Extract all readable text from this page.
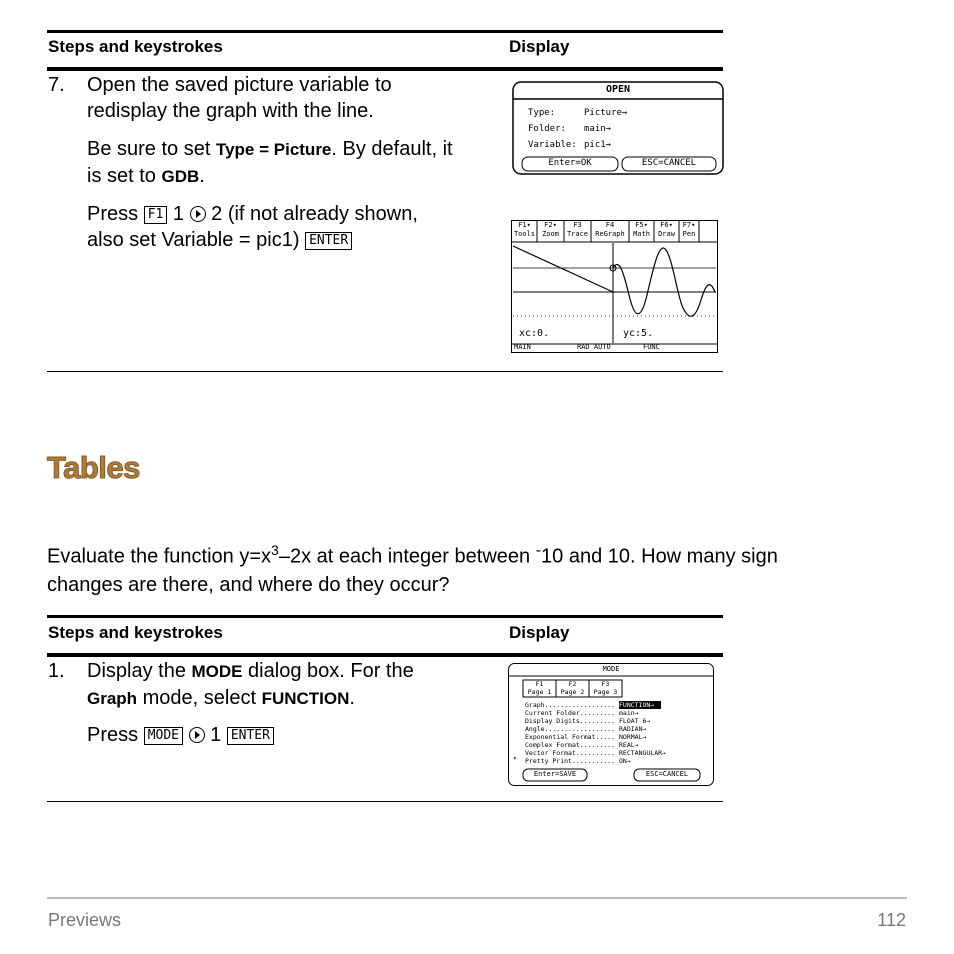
Steps and keystrokes	Display
7. Open the saved picture variable to
redisplay the graph with the line.
Be sure to set Type = Picture. By default, it
is set to GDB.
Press F1 1  2 (if not already shown,
also set Variable = pic1) ENTER
OPEN
Type:	Picture→
Folder: main→
Variable: pic1→
Enter=OK	ESC=CANCEL
F1▾
Tools
F2▾
Zoom
F3
Trace
F4
ReGraph
F5▾
Math
F6▾
Draw
F7▾
Pen
xc:0.	yc:5.
MAIN	RAD AUTO	FUNC
Tables
Evaluate the function $y=x^3-2x$ at each integer between -10 and 10. How many sign
changes are there, and where do they occur?
Steps and keystrokes	Display
1. Display the MODE dialog box. For the
Graph mode, select FUNCTION.
Press MODE  1 ENTER
MODE
F1
Page 1
F2
Page 2
F3
Page 3
Graph.................. FUNCTION→
Current Folder......... main→
Display Digits......... FLOAT 6→
Angle.................. RADIAN→
Exponential Format..... NORMAL→
Complex Format......... REAL→
Vector Format.......... RECTANGULAR→
Pretty Print........... ON→
▾
Enter=SAVE	ESC=CANCEL
Previews	112
